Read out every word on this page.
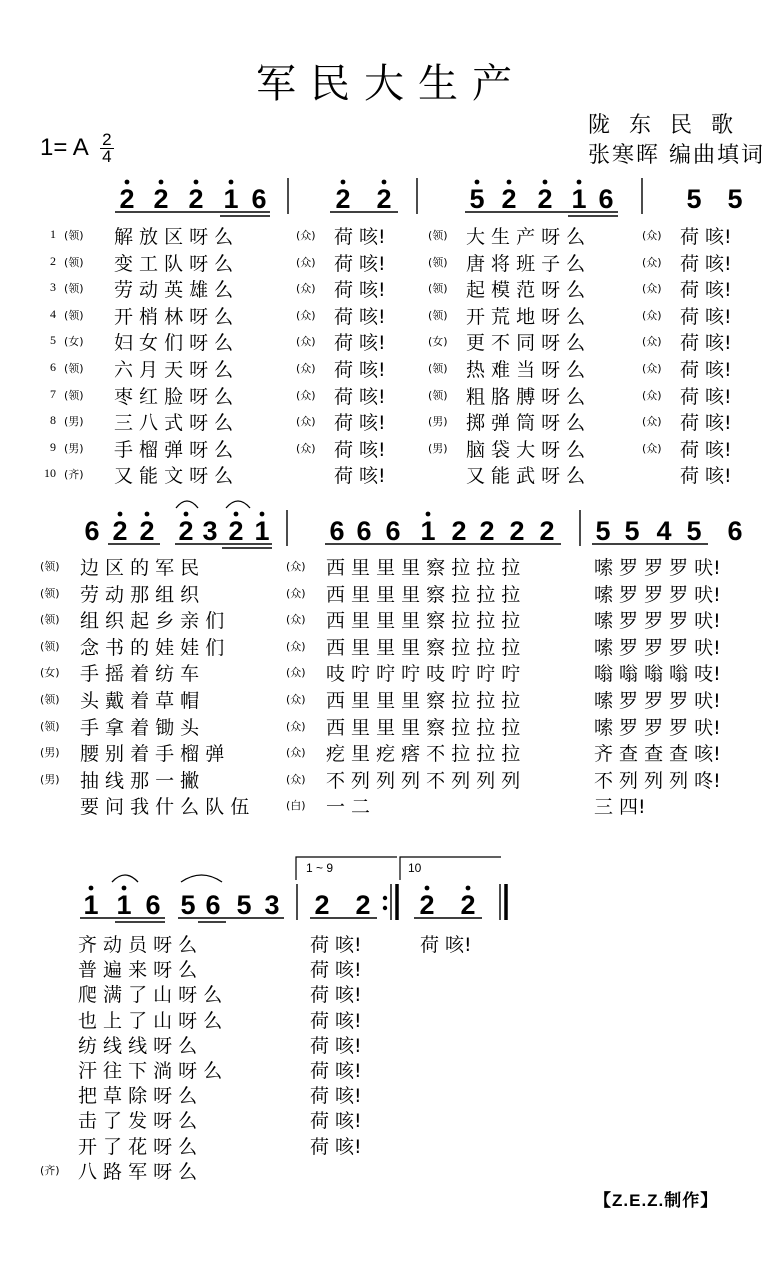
军民大生产
陇 东 民 歌
张寒晖 编曲填词
1= A $\frac{2}{4}$
2 2 2 1 6	2 2	5 2 2 1 6	5 5
6 2 2 2 3 2 1 6 6 6 1 2 2 2 2 5 5 4 5 6
1 ~ 9	10
1 1 6 5 6 5 3 2 2 2 2
1 (领) 解 放 区 呀 么	(众) 荷 咳!	(领) 大 生 产 呀 么	(众) 荷 咳!
2 (领) 变 工 队 呀 么	(众) 荷 咳!	(领) 唐 将 班 子 么	(众) 荷 咳!
3 (领) 劳 动 英 雄 么	(众) 荷 咳!	(领) 起 模 范 呀 么	(众) 荷 咳!
4 (领) 开 梢 林 呀 么	(众) 荷 咳!	(领) 开 荒 地 呀 么	(众) 荷 咳!
5 (女) 妇 女 们 呀 么	(众) 荷 咳!	(女) 更 不 同 呀 么	(众) 荷 咳!
6 (领) 六 月 天 呀 么	(众) 荷 咳!	(领) 热 难 当 呀 么	(众) 荷 咳!
7 (领) 枣 红 脸 呀 么	(众) 荷 咳!	(领) 粗 胳 膊 呀 么	(众) 荷 咳!
8 (男) 三 八 式 呀 么	(众) 荷 咳!	(男) 掷 弹 筒 呀 么	(众) 荷 咳!
9 (男) 手 榴 弹 呀 么	(众) 荷 咳!	(男) 脑 袋 大 呀 么	(众) 荷 咳!
10 (齐) 又 能 文 呀 么	荷 咳!	又 能 武 呀 么	荷 咳!
(领) 边 区 的 军 民	(众) 西 里 里 里 察 拉 拉 拉	嗦 罗 罗 罗 吠!
(领) 劳 动 那 组 织	(众) 西 里 里 里 察 拉 拉 拉	嗦 罗 罗 罗 吠!
(领) 组 织 起 乡 亲 们	(众) 西 里 里 里 察 拉 拉 拉	嗦 罗 罗 罗 吠!
(领) 念 书 的 娃 娃 们	(众) 西 里 里 里 察 拉 拉 拉	嗦 罗 罗 罗 吠!
(女) 手 摇 着 纺 车	(众) 吱 咛 咛 咛 吱 咛 咛 咛	嗡 嗡 嗡 嗡 吱!
(领) 头 戴 着 草 帽	(众) 西 里 里 里 察 拉 拉 拉	嗦 罗 罗 罗 吠!
(领) 手 拿 着 锄 头	(众) 西 里 里 里 察 拉 拉 拉	嗦 罗 罗 罗 吠!
(男) 腰 别 着 手 榴 弹	(众) 疙 里 疙 瘩 不 拉 拉 拉	齐 查 查 查 咳!
(男) 抽 线 那 一 撇	(众) 不 列 列 列 不 列 列 列	不 列 列 列 咚!
要 问 我 什 么 队 伍	(白) 一 二	三 四!
齐 动 员 呀 么	荷 咳!	荷 咳!
普 遍 来 呀 么	荷 咳!
爬 满 了 山 呀 么	荷 咳!
也 上 了 山 呀 么	荷 咳!
纺 线 线 呀 么	荷 咳!
汗 往 下 淌 呀 么	荷 咳!
把 草 除 呀 么	荷 咳!
击 了 发 呀 么	荷 咳!
开 了 花 呀 么	荷 咳!
(齐) 八 路 军 呀 么
【Z.E.Z.制作】
